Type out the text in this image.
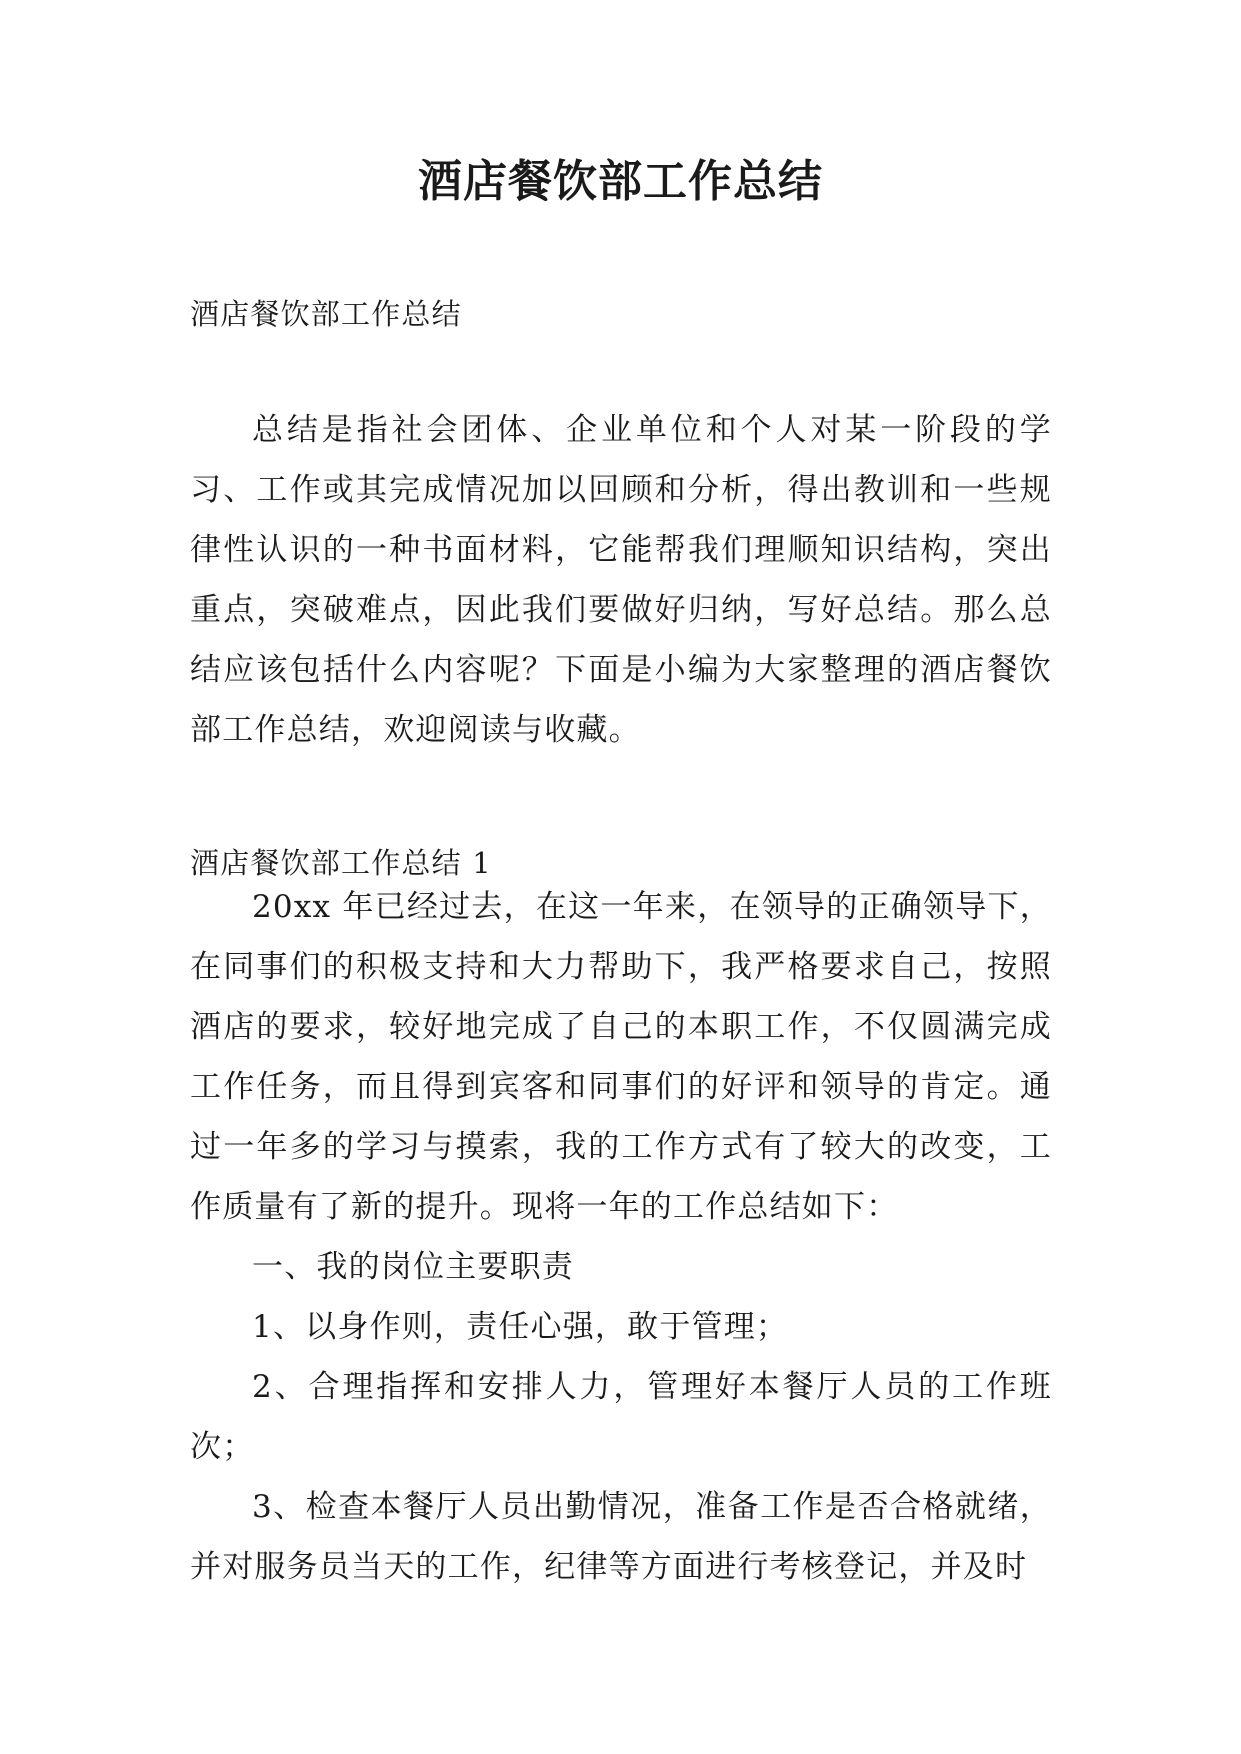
酒店餐饮部工作总结
酒店餐饮部工作总结

总结是指社会团体、企业单位和个人对某一阶段的学习、工作或其完成情况加以回顾和分析，得出教训和一些规律性认识的一种书面材料，它能帮我们理顺知识结构，突出重点，突破难点，因此我们要做好归纳，写好总结。那么总结应该包括什么内容呢？下面是小编为大家整理的酒店餐饮部工作总结，欢迎阅读与收藏。

酒店餐饮部工作总结 1

20xx 年已经过去，在这一年来，在领导的正确领导下，在同事们的积极支持和大力帮助下，我严格要求自己，按照酒店的要求，较好地完成了自己的本职工作，不仅圆满完成工作任务，而且得到宾客和同事们的好评和领导的肯定。通过一年多的学习与摸索，我的工作方式有了较大的改变，工作质量有了新的提升。现将一年的工作总结如下：

一、我的岗位主要职责

1、以身作则，责任心强，敢于管理；

2、合理指挥和安排人力，管理好本餐厅人员的工作班次；

3、检查本餐厅人员出勤情况，准备工作是否合格就绪，并对服务员当天的工作，纪律等方面进行考核登记，并及时
